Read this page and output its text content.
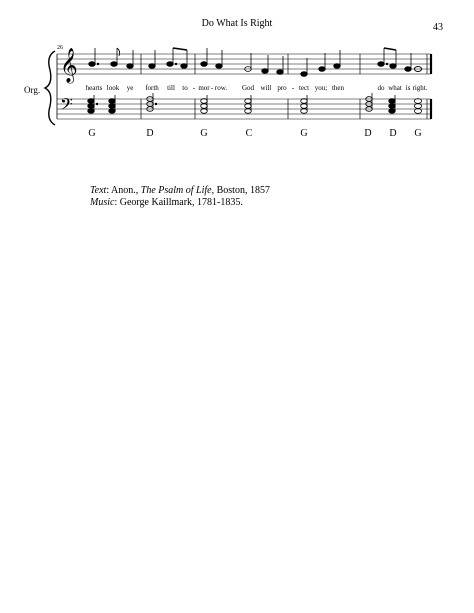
Do What Is Right	43
26
Org.
𝄞
𝄢
hearts look ye forth till to - mor - row. God will pro - tect you; then	do what is right.
G	D	G	C	G	D D G
Text: Anon., The Psalm of Life, Boston, 1857
Music: George Kaillmark, 1781-1835.
